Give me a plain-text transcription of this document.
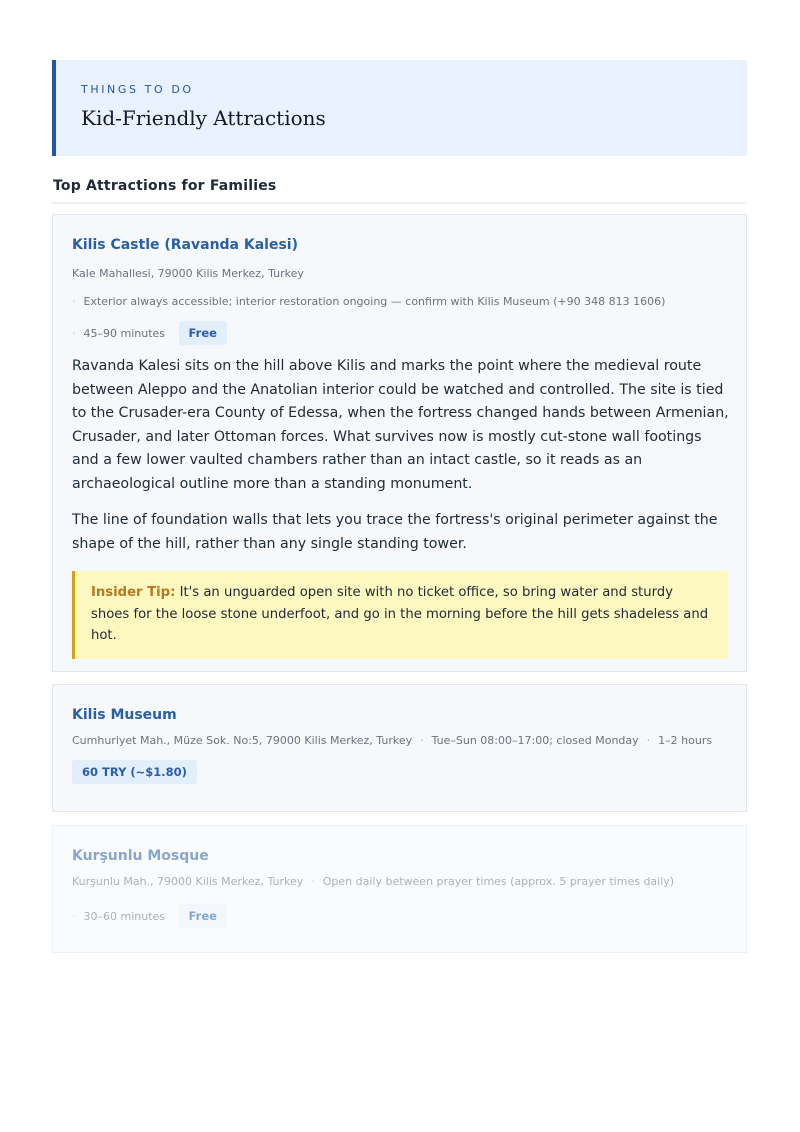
THINGS TO DO
Kid-Friendly Attractions
Top Attractions for Families
Kilis Castle (Ravanda Kalesi)
Kale Mahallesi, 79000 Kilis Merkez, Turkey
· Exterior always accessible; interior restoration ongoing — confirm with Kilis Museum (+90 348 813 1606)
· 45–90 minutes Free

Ravanda Kalesi sits on the hill above Kilis and marks the point where the medieval route between Aleppo and the Anatolian interior could be watched and controlled. The site is tied to the Crusader-era County of Edessa, when the fortress changed hands between Armenian, Crusader, and later Ottoman forces. What survives now is mostly cut-stone wall footings and a few lower vaulted chambers rather than an intact castle, so it reads as an archaeological outline more than a standing monument.

The line of foundation walls that lets you trace the fortress's original perimeter against the shape of the hill, rather than any single standing tower.

Insider Tip: It's an unguarded open site with no ticket office, so bring water and sturdy shoes for the loose stone underfoot, and go in the morning before the hill gets shadeless and hot.
Kilis Museum
Cumhuriyet Mah., Müze Sok. No:5, 79000 Kilis Merkez, Turkey · Tue–Sun 08:00–17:00; closed Monday · 1–2 hours
60 TRY (~$1.80)
Kurşunlu Mosque
Kurşunlu Mah., 79000 Kilis Merkez, Turkey · Open daily between prayer times (approx. 5 prayer times daily)
· 30–60 minutes Free
